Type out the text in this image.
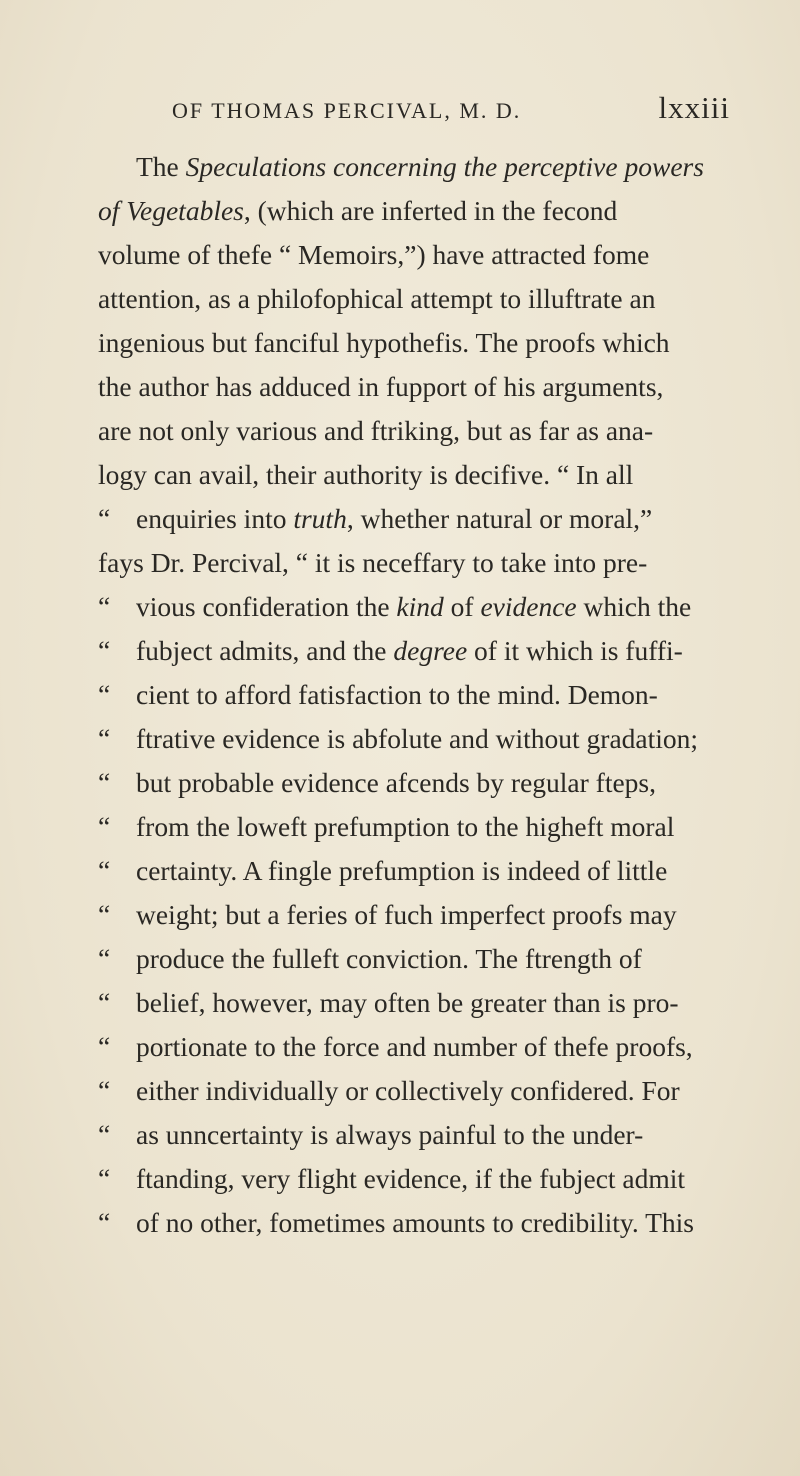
OF THOMAS PERCIVAL, M. D.	lxxiii
The Speculations concerning the perceptive powers
of Vegetables, (which are inferted in the fecond
volume of thefe “ Memoirs,”) have attracted fome
attention, as a philofophical attempt to illuftrate an
ingenious but fanciful hypothefis. The proofs which
the author has adduced in fupport of his arguments,
are not only various and ftriking, but as far as ana-
logy can avail, their authority is decifive. “ In all
“ enquiries into truth, whether natural or moral,”
fays Dr. Percival, “ it is neceffary to take into pre-
“ vious confideration the kind of evidence which the
“ fubject admits, and the degree of it which is fuffi-
“ cient to afford fatisfaction to the mind. Demon-
“ ftrative evidence is abfolute and without gradation;
“ but probable evidence afcends by regular fteps,
“ from the loweft prefumption to the higheft moral
“ certainty. A fingle prefumption is indeed of little
“ weight; but a feries of fuch imperfect proofs may
“ produce the fulleft conviction. The ftrength of
“ belief, however, may often be greater than is pro-
“ portionate to the force and number of thefe proofs,
“ either individually or collectively confidered. For
“ as unncertainty is always painful to the under-
“ ftanding, very flight evidence, if the fubject admit
“ of no other, fometimes amounts to credibility. This
